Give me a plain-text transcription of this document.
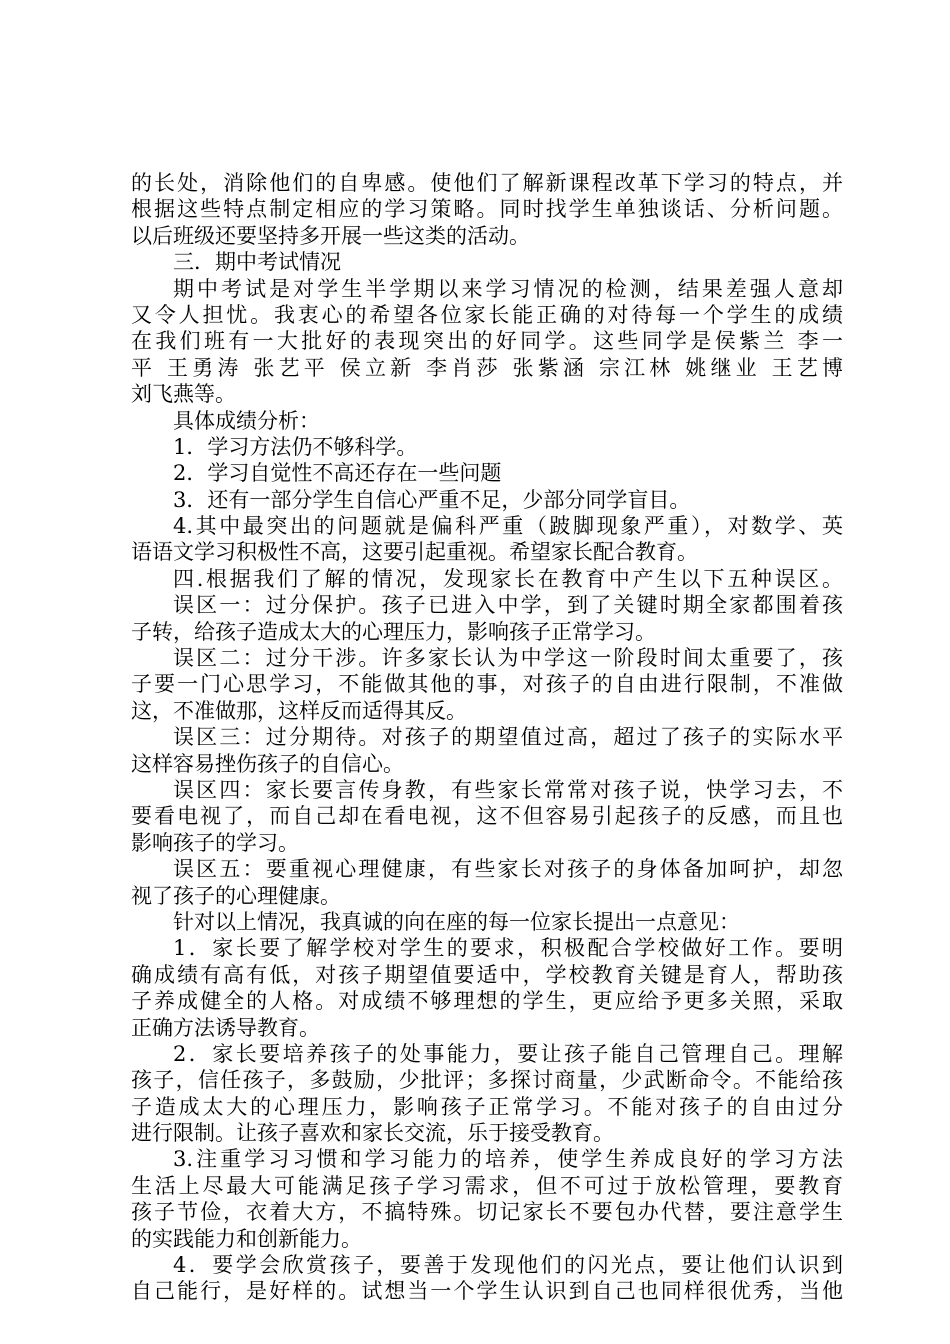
的长处，消除他们的自卑感。使他们了解新课程改革下学习的特点，并
根据这些特点制定相应的学习策略。同时找学生单独谈话、分析问题。
以后班级还要坚持多开展一些这类的活动。
三．期中考试情况
期中考试是对学生半学期以来学习情况的检测，结果差强人意却
又令人担忧。我衷心的希望各位家长能正确的对待每一个学生的成绩
在我们班有一大批好的表现突出的好同学。这些同学是侯紫兰 李一
平 王勇涛 张艺平 侯立新 李肖莎 张紫涵 宗江林 姚继业 王艺博
刘飞燕等。
具体成绩分析：
1．学习方法仍不够科学。
2．学习自觉性不高还存在一些问题
3．还有一部分学生自信心严重不足，少部分同学盲目。
4.其中最突出的问题就是偏科严重（跛脚现象严重），对数学、英
语语文学习积极性不高，这要引起重视。希望家长配合教育。
四.根据我们了解的情况，发现家长在教育中产生以下五种误区。
误区一：过分保护。孩子已进入中学，到了关键时期全家都围着孩
子转，给孩子造成太大的心理压力，影响孩子正常学习。
误区二：过分干涉。许多家长认为中学这一阶段时间太重要了，孩
子要一门心思学习，不能做其他的事，对孩子的自由进行限制，不准做
这，不准做那，这样反而适得其反。
误区三：过分期待。对孩子的期望值过高，超过了孩子的实际水平
这样容易挫伤孩子的自信心。
误区四：家长要言传身教，有些家长常常对孩子说，快学习去，不
要看电视了，而自己却在看电视，这不但容易引起孩子的反感，而且也
影响孩子的学习。
误区五：要重视心理健康，有些家长对孩子的身体备加呵护，却忽
视了孩子的心理健康。
针对以上情况，我真诚的向在座的每一位家长提出一点意见：
1．家长要了解学校对学生的要求，积极配合学校做好工作。要明
确成绩有高有低，对孩子期望值要适中，学校教育关键是育人，帮助孩
子养成健全的人格。对成绩不够理想的学生，更应给予更多关照，采取
正确方法诱导教育。
2．家长要培养孩子的处事能力，要让孩子能自己管理自己。理解
孩子，信任孩子，多鼓励，少批评；多探讨商量，少武断命令。不能给孩
子造成太大的心理压力，影响孩子正常学习。不能对孩子的自由过分
进行限制。让孩子喜欢和家长交流，乐于接受教育。
3.注重学习习惯和学习能力的培养，使学生养成良好的学习方法
生活上尽最大可能满足孩子学习需求，但不可过于放松管理，要教育
孩子节俭，衣着大方，不搞特殊。切记家长不要包办代替，要注意学生
的实践能力和创新能力。
4．要学会欣赏孩子，要善于发现他们的闪光点，要让他们认识到
自己能行，是好样的。试想当一个学生认识到自己也同样很优秀，当他
